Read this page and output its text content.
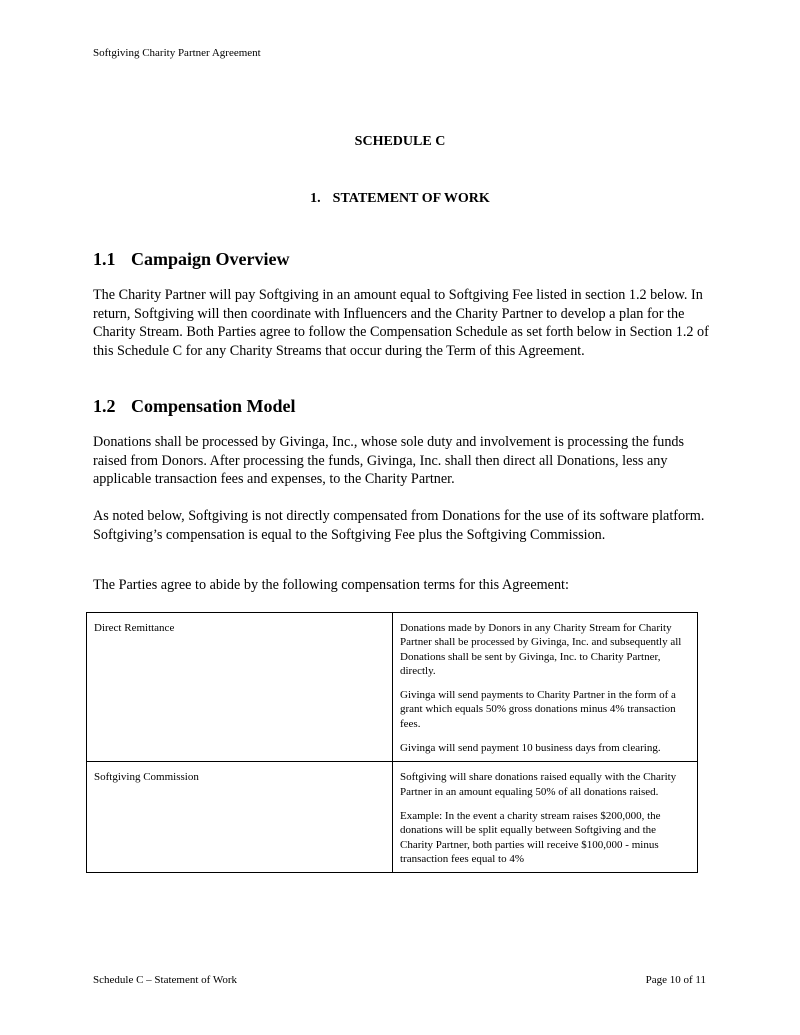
Softgiving Charity Partner Agreement
SCHEDULE C
1. STATEMENT OF WORK
1.1 Campaign Overview

The Charity Partner will pay Softgiving in an amount equal to Softgiving Fee listed in section 1.2 below. In return, Softgiving will then coordinate with Influencers and the Charity Partner to develop a plan for the Charity Stream. Both Parties agree to follow the Compensation Schedule as set forth below in Section 1.2 of this Schedule C for any Charity Streams that occur during the Term of this Agreement.

1.2 Compensation Model

Donations shall be processed by Givinga, Inc., whose sole duty and involvement is processing the funds raised from Donors. After processing the funds, Givinga, Inc. shall then direct all Donations, less any applicable transaction fees and expenses, to the Charity Partner.

As noted below, Softgiving is not directly compensated from Donations for the use of its software platform. Softgiving’s compensation is equal to the Softgiving Fee plus the Softgiving Commission.

The Parties agree to abide by the following compensation terms for this Agreement:

Direct Remittance	Donations made by Donors in any Charity Stream for Charity Partner shall be processed by Givinga, Inc. and subsequently all Donations shall be sent by Givinga, Inc. to Charity Partner, directly.

Givinga will send payments to Charity Partner in the form of a grant which equals 50% gross donations minus 4% transaction fees.

Givinga will send payment 10 business days from clearing.

Softgiving Commission	Softgiving will share donations raised equally with the Charity Partner in an amount equaling 50% of all donations raised.

Example: In the event a charity stream raises $200,000, the donations will be split equally between Softgiving and the Charity Partner, both parties will receive $100,000 - minus transaction fees equal to 4%

Schedule C – Statement of Work	Page 10 of 11
